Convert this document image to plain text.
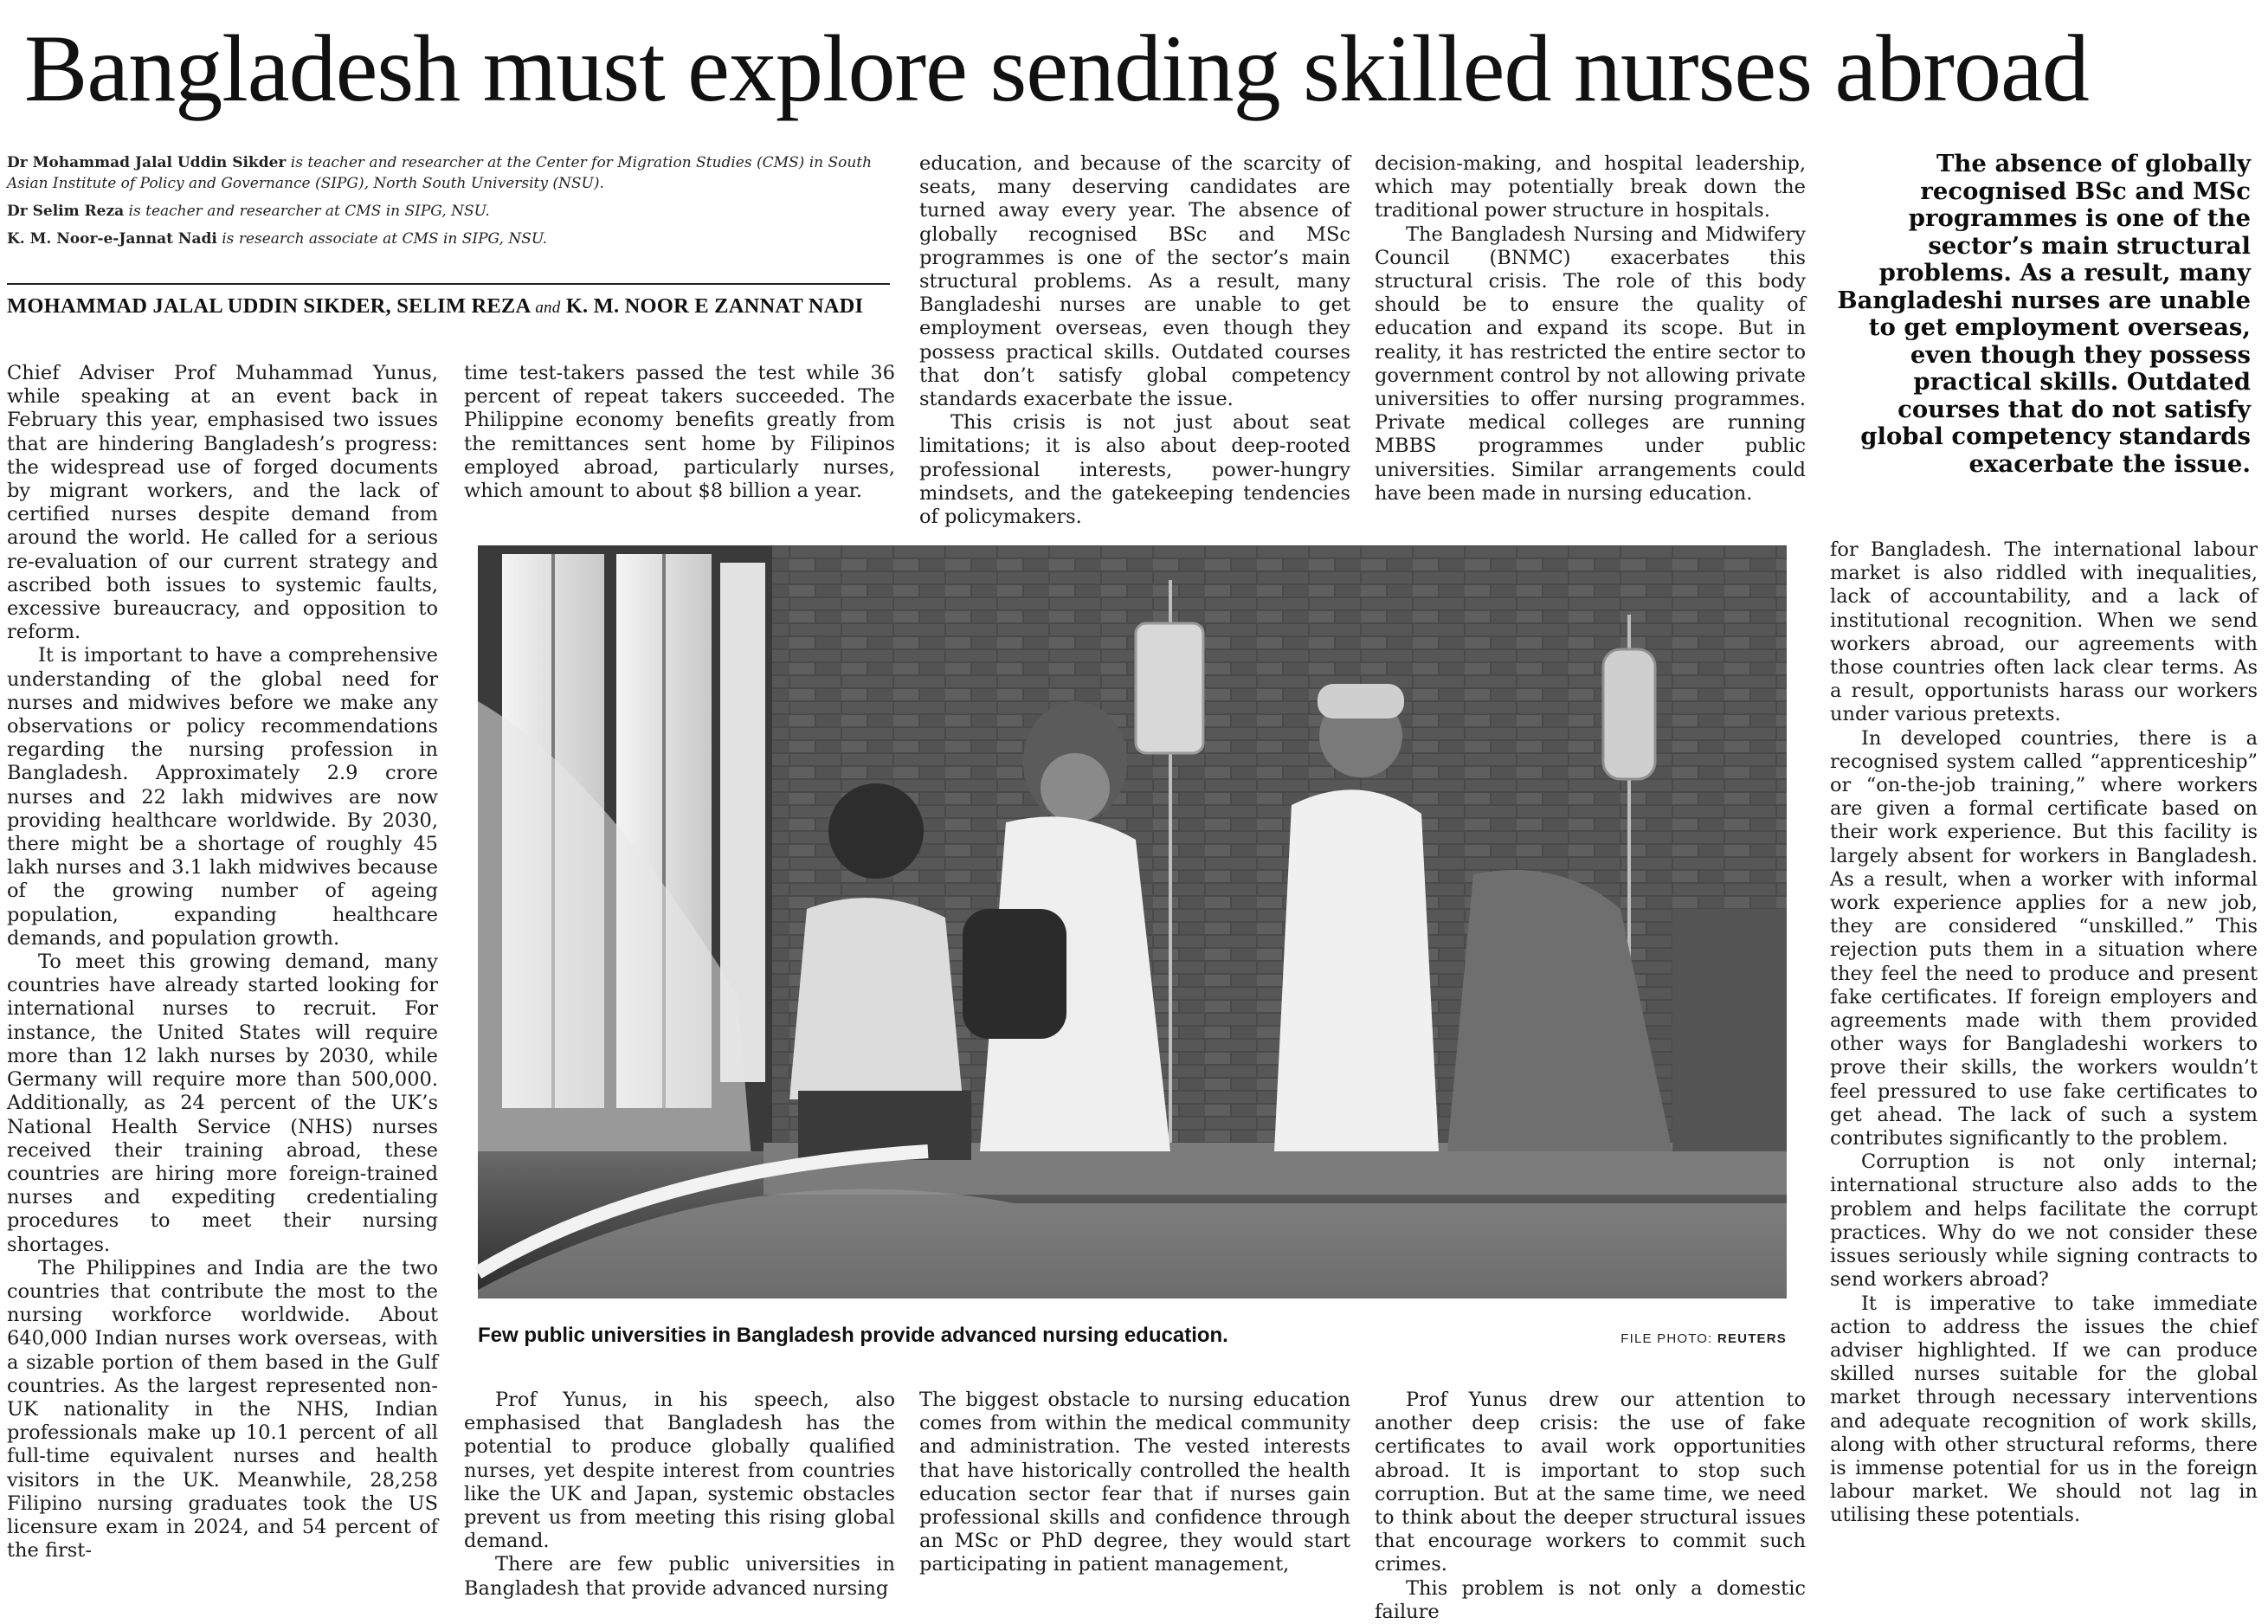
Bangladesh must explore sending skilled nurses abroad

Dr Mohammad Jalal Uddin Sikder is teacher and researcher at the Center for Migration Studies (CMS) in South Asian Institute of Policy and Governance (SIPG), North South University (NSU).

Dr Selim Reza is teacher and researcher at CMS in SIPG, NSU.

K. M. Noor-e-Jannat Nadi is research associate at CMS in SIPG, NSU.

MOHAMMAD JALAL UDDIN SIKDER, SELIM REZA and K. M. NOOR E ZANNAT NADI

Chief Adviser Prof Muhammad Yunus, while speaking at an event back in February this year, emphasised two issues that are hindering Bangladesh’s progress: the widespread use of forged documents by migrant workers, and the lack of certified nurses despite demand from around the world. He called for a serious re-evaluation of our current strategy and ascribed both issues to systemic faults, excessive bureaucracy, and opposition to reform.

It is important to have a comprehensive understanding of the global need for nurses and midwives before we make any observations or policy recommendations regarding the nursing profession in Bangladesh. Approximately 2.9 crore nurses and 22 lakh midwives are now providing healthcare worldwide. By 2030, there might be a shortage of roughly 45 lakh nurses and 3.1 lakh midwives because of the growing number of ageing population, expanding healthcare demands, and population growth.

To meet this growing demand, many countries have already started looking for international nurses to recruit. For instance, the United States will require more than 12 lakh nurses by 2030, while Germany will require more than 500,000. Additionally, as 24 percent of the UK’s National Health Service (NHS) nurses received their training abroad, these countries are hiring more foreign-trained nurses and expediting credentialing procedures to meet their nursing shortages.

The Philippines and India are the two countries that contribute the most to the nursing workforce worldwide. About 640,000 Indian nurses work overseas, with a sizable portion of them based in the Gulf countries. As the largest represented non-UK nationality in the NHS, Indian professionals make up 10.1 percent of all full-time equivalent nurses and health visitors in the UK. Meanwhile, 28,258 Filipino nursing graduates took the US licensure exam in 2024, and 54 percent of the first-

time test-takers passed the test while 36 percent of repeat takers succeeded. The Philippine economy benefits greatly from the remittances sent home by Filipinos employed abroad, particularly nurses, which amount to about $8 billion a year.

education, and because of the scarcity of seats, many deserving candidates are turned away every year. The absence of globally recognised BSc and MSc programmes is one of the sector’s main structural problems. As a result, many Bangladeshi nurses are unable to get employment overseas, even though they possess practical skills. Outdated courses that don’t satisfy global competency standards exacerbate the issue.

This crisis is not just about seat limitations; it is also about deep-rooted professional interests, power-hungry mindsets, and the gatekeeping tendencies of policymakers.

decision-making, and hospital leadership, which may potentially break down the traditional power structure in hospitals.

The Bangladesh Nursing and Midwifery Council (BNMC) exacerbates this structural crisis. The role of this body should be to ensure the quality of education and expand its scope. But in reality, it has restricted the entire sector to government control by not allowing private universities to offer nursing programmes. Private medical colleges are running MBBS programmes under public universities. Similar arrangements could have been made in nursing education.

The absence of globally recognised BSc and MSc programmes is one of the sector’s main structural problems. As a result, many Bangladeshi nurses are unable to get employment overseas, even though they possess practical skills. Outdated courses that do not satisfy global competency standards exacerbate the issue.

for Bangladesh. The international labour market is also riddled with inequalities, lack of accountability, and a lack of institutional recognition. When we send workers abroad, our agreements with those countries often lack clear terms. As a result, opportunists harass our workers under various pretexts.

In developed countries, there is a recognised system called “apprenticeship” or “on-the-job training,” where workers are given a formal certificate based on their work experience. But this facility is largely absent for workers in Bangladesh. As a result, when a worker with informal work experience applies for a new job, they are considered “unskilled.” This rejection puts them in a situation where they feel the need to produce and present fake certificates. If foreign employers and agreements made with them provided other ways for Bangladeshi workers to prove their skills, the workers wouldn’t feel pressured to use fake certificates to get ahead. The lack of such a system contributes significantly to the problem.

Corruption is not only internal; international structure also adds to the problem and helps facilitate the corrupt practices. Why do we not consider these issues seriously while signing contracts to send workers abroad?

It is imperative to take immediate action to address the issues the chief adviser highlighted. If we can produce skilled nurses suitable for the global market through necessary interventions and adequate recognition of work skills, along with other structural reforms, there is immense potential for us in the foreign labour market. We should not lag in utilising these potentials.

Few public universities in Bangladesh provide advanced nursing education.	FILE PHOTO: REUTERS

Prof Yunus, in his speech, also emphasised that Bangladesh has the potential to produce globally qualified nurses, yet despite interest from countries like the UK and Japan, systemic obstacles prevent us from meeting this rising global demand.

There are few public universities in Bangladesh that provide advanced nursing

The biggest obstacle to nursing education comes from within the medical community and administration. The vested interests that have historically controlled the health education sector fear that if nurses gain professional skills and confidence through an MSc or PhD degree, they would start participating in patient management,

Prof Yunus drew our attention to another deep crisis: the use of fake certificates to avail work opportunities abroad. It is important to stop such corruption. But at the same time, we need to think about the deeper structural issues that encourage workers to commit such crimes.

This problem is not only a domestic failure
